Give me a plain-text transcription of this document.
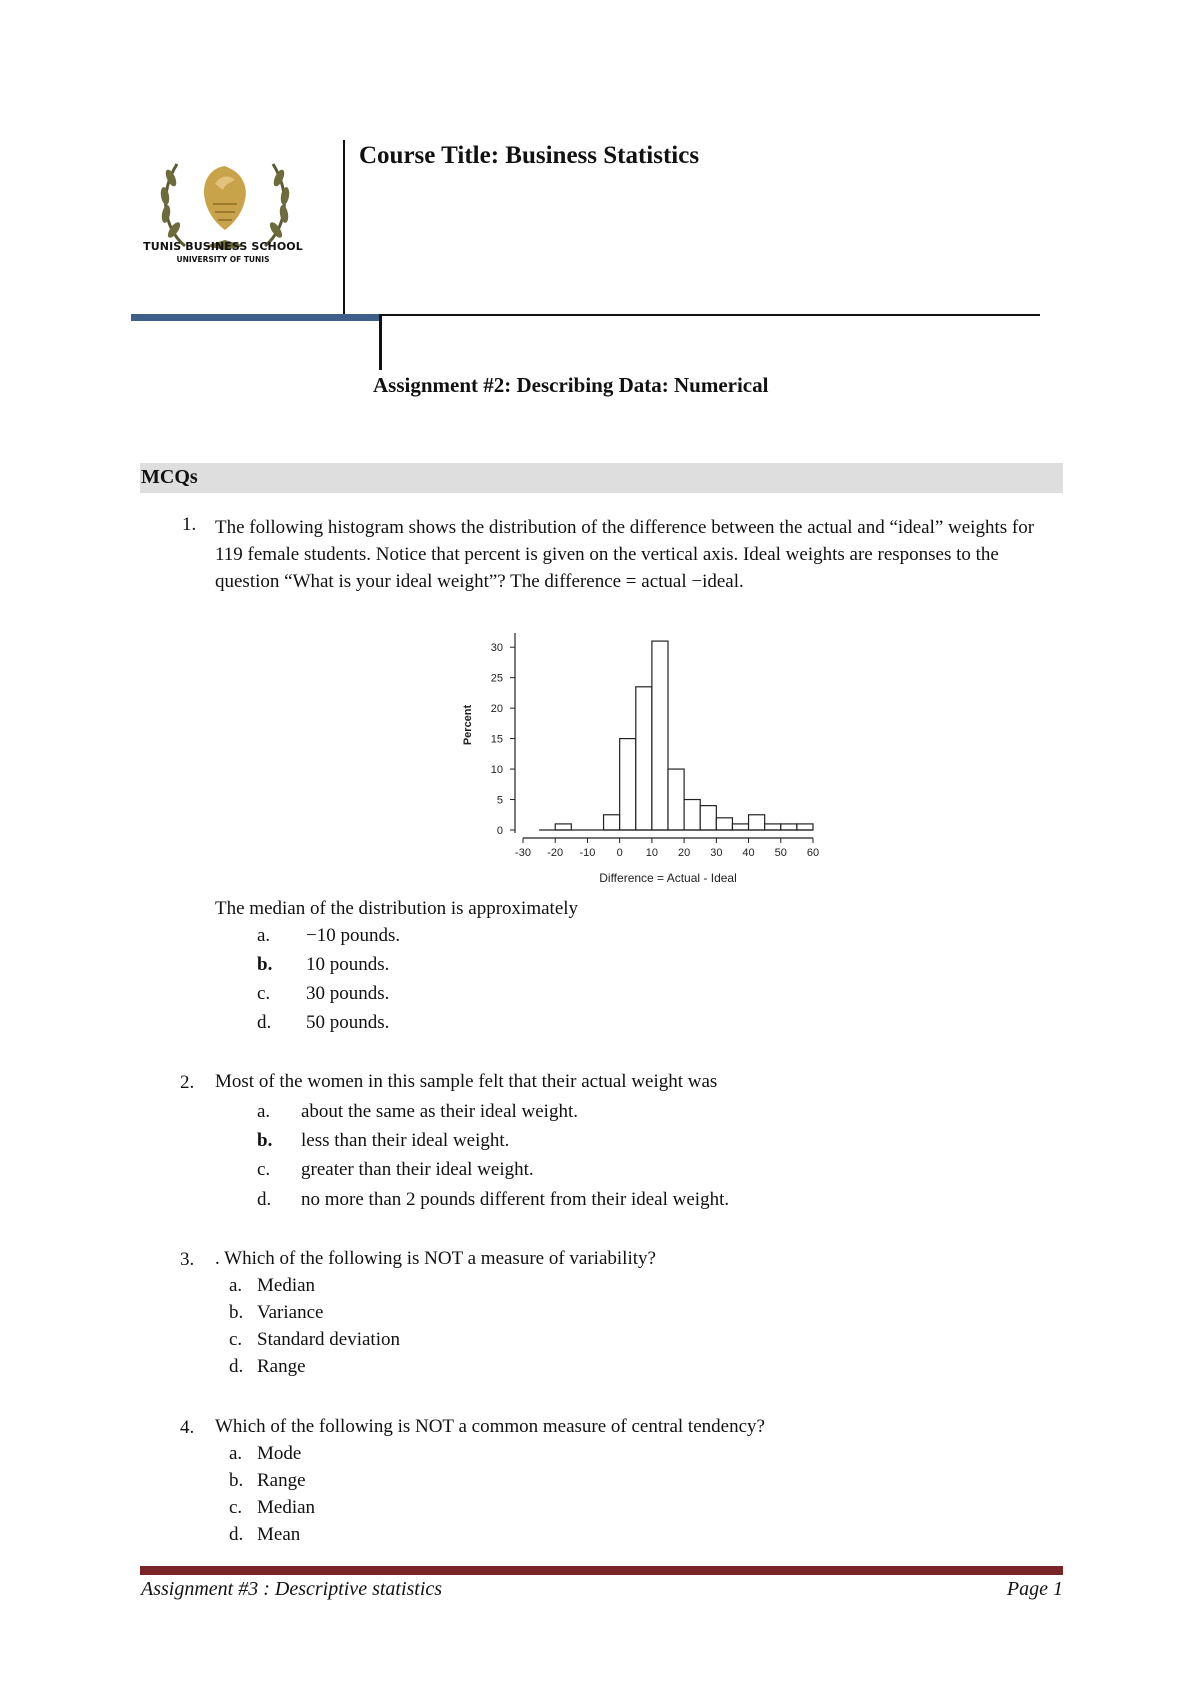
TUNIS BUSINESS SCHOOL
UNIVERSITY OF TUNIS
Course Title: Business Statistics
Assignment #2: Describing Data: Numerical
MCQs
1. The following histogram shows the distribution of the difference between the actual and “ideal” weights for 119 female students. Notice that percent is given on the vertical axis. Ideal weights are responses to the question “What is your ideal weight”? The difference = actual −ideal.
Percent
Difference = Actual - Ideal
0
5
10
15
20
25
30
-30 -20 -10 0 10 20 30 40 50 60
The median of the distribution is approximately
a. −10 pounds.
b. 10 pounds.
c. 30 pounds.
d. 50 pounds.
2. Most of the women in this sample felt that their actual weight was
a. about the same as their ideal weight.
b. less than their ideal weight.
c. greater than their ideal weight.
d. no more than 2 pounds different from their ideal weight.
3. . Which of the following is NOT a measure of variability?
a. Median
b. Variance
c. Standard deviation
d. Range
4. Which of the following is NOT a common measure of central tendency?
a. Mode
b. Range
c. Median
d. Mean
Assignment #3 : Descriptive statistics	Page 1
